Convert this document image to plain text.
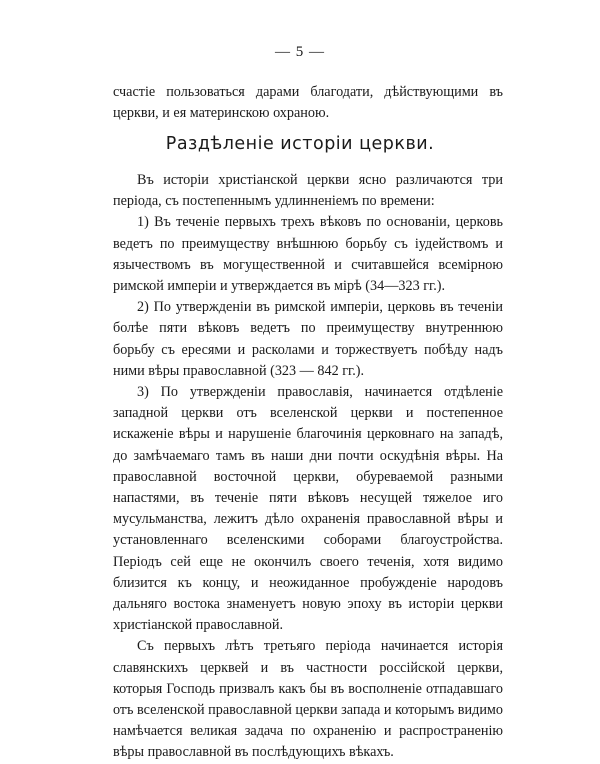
— 5 —

счастіе пользоваться дарами благодати, дѣйствующими въ церкви, и ея материнскою охраною.

Раздѣленіе исторіи церкви.

Въ исторіи христіанской церкви ясно различаются три періода, съ постепеннымъ удлинненіемъ по времени:

1) Въ теченіе первыхъ трехъ вѣковъ по основаніи, церковь ведетъ по преимуществу внѣшнюю борьбу съ іудействомъ и язычествомъ въ могущественной и считавшейся всемірною римской имперіи и утверждается въ мірѣ (34—323 гг.).

2) По утвержденіи въ римской имперіи, церковь въ теченіи болѣе пяти вѣковъ ведетъ по преимуществу внутреннюю борьбу съ ересями и расколами и торжествуетъ побѣду надъ ними вѣры православной (323 — 842 гг.).

3) По утвержденіи православія, начинается отдѣленіе западной церкви отъ вселенской церкви и постепенное искаженіе вѣры и нарушеніе благочинія церковнаго на западѣ, до замѣчаемаго тамъ въ наши дни почти оскудѣнія вѣры. На православной восточной церкви, обуреваемой разными напастями, въ теченіе пяти вѣковъ несущей тяжелое иго мусульманства, лежитъ дѣло охраненія православной вѣры и установленнаго вселенскими соборами благоустройства. Періодъ сей еще не окончилъ своего теченія, хотя видимо близится къ концу, и неожиданное пробужденіе народовъ дальняго востока знаменуетъ новую эпоху въ исторіи церкви христіанской православной.

Съ первыхъ лѣтъ третьяго періода начинается исторія славянскихъ церквей и въ частности россійской церкви, которыя Господь призвалъ какъ бы въ восполненіе отпадавшаго отъ вселенской православной церкви запада и которымъ видимо намѣчается великая задача по охраненію и распространенію вѣры православной въ послѣдующихъ вѣкахъ.
